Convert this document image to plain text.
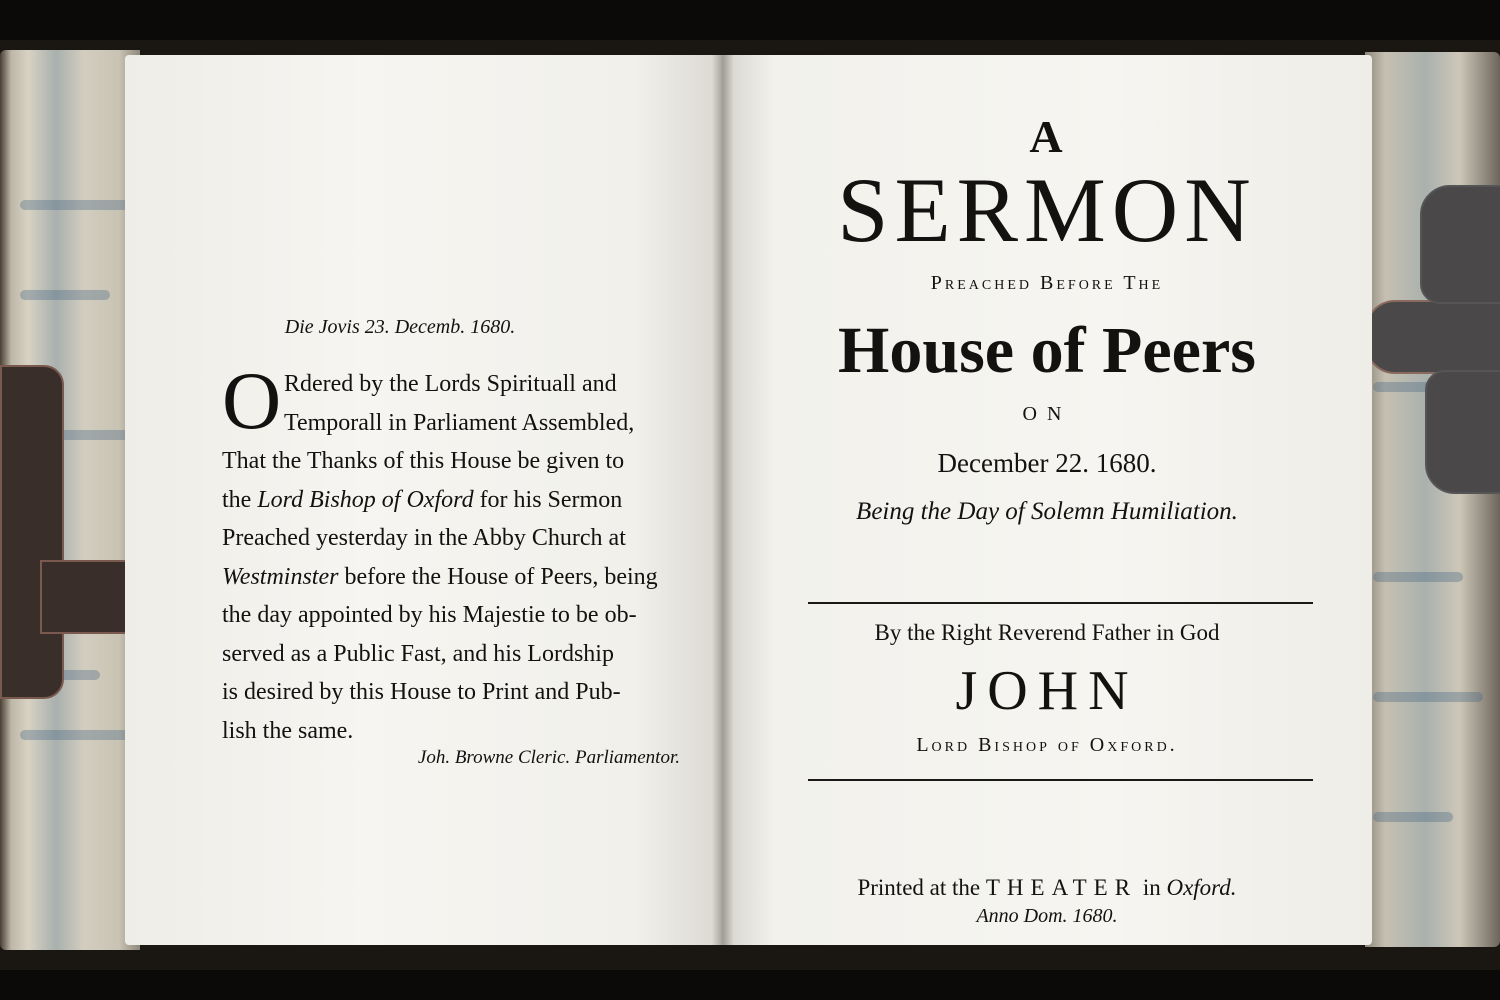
Die Jovis 23. Decemb. 1680.
O Rdered by the Lords Spirituall and
Temporall in Parliament Assembled,
That the Thanks of this House be given to
the Lord Bishop of Oxford for his Sermon
Preached yesterday in the Abby Church at
Westminster before the House of Peers, being
the day appointed by his Majestie to be ob-
served as a Public Fast, and his Lordship
is desired by this House to Print and Pub-
lish the same.
Joh. Browne Cleric. Parliamentor.
A
SERMON
Preached Before The
House of Peers
ON
December 22. 1680.
Being the Day of Solemn Humiliation.
By the Right Reverend Father in God
JOHN
Lord Bishop of Oxford.
Printed at the THEATER in Oxford.
Anno Dom. 1680.
